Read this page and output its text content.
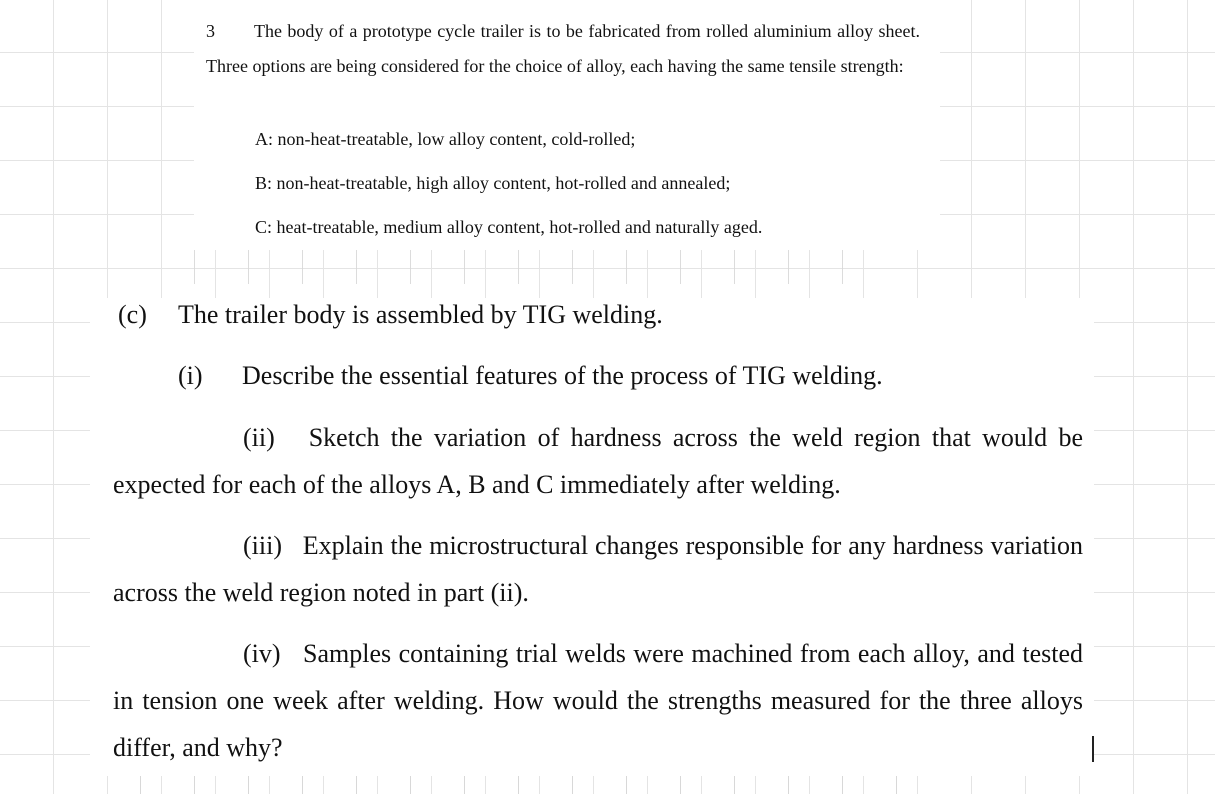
3 The body of a prototype cycle trailer is to be fabricated from rolled aluminium alloy sheet. Three options are being considered for the choice of alloy, each having the same tensile strength:

A: non-heat-treatable, low alloy content, cold-rolled;

B: non-heat-treatable, high alloy content, hot-rolled and annealed;

C: heat-treatable, medium alloy content, hot-rolled and naturally aged.

(c) The trailer body is assembled by TIG welding.

(i) Describe the essential features of the process of TIG welding.

(ii) Sketch the variation of hardness across the weld region that would be expected for each of the alloys A, B and C immediately after welding.

(iii) Explain the microstructural changes responsible for any hardness variation across the weld region noted in part (ii).

(iv) Samples containing trial welds were machined from each alloy, and tested in tension one week after welding. How would the strengths measured for the three alloys differ, and why?
